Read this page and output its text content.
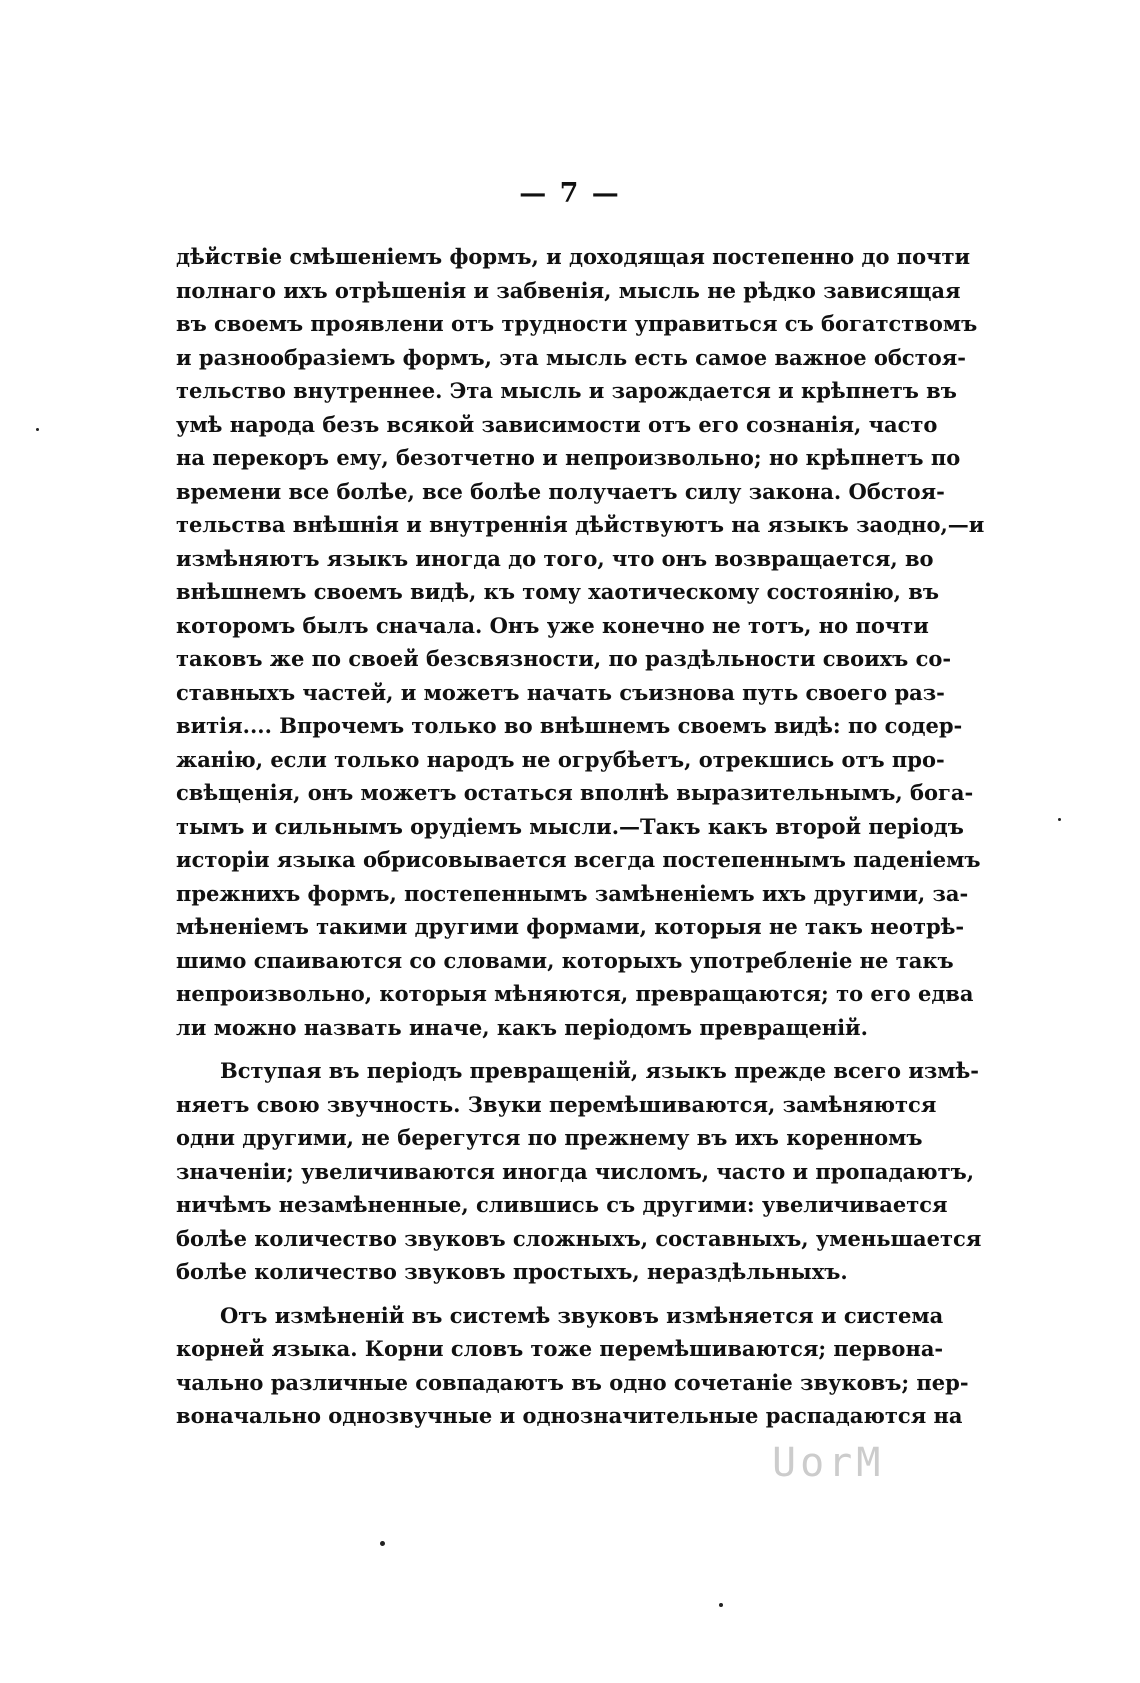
— 7 —
дѣйствіе смѣшеніемъ формъ, и доходящая постепенно до почти
полнаго ихъ отрѣшенія и забвенія, мысль не рѣдко зависящая
въ своемъ проявлени отъ трудности управиться съ богатствомъ
и разнообразіемъ формъ, эта мысль есть самое важное обстоя-
тельство внутреннее. Эта мысль и зарождается и крѣпнетъ въ
умѣ народа безъ всякой зависимости отъ его сознанія, часто
на перекоръ ему, безотчетно и непроизвольно; но крѣпнетъ по
времени все болѣе, все болѣе получаетъ силу закона. Обстоя-
тельства внѣшнія и внутреннія дѣйствуютъ на языкъ заодно,—и
измѣняютъ языкъ иногда до того, что онъ возвращается, во
внѣшнемъ своемъ видѣ, къ тому хаотическому состоянію, въ
которомъ былъ сначала. Онъ уже конечно не тотъ, но почти
таковъ же по своей безсвязности, по раздѣльности своихъ со-
ставныхъ частей, и можетъ начать съизнова путь своего раз-
витія.... Впрочемъ только во внѣшнемъ своемъ видѣ: по содер-
жанію, если только народъ не огрубѣетъ, отрекшись отъ про-
свѣщенія, онъ можетъ остаться вполнѣ выразительнымъ, бога-
тымъ и сильнымъ орудіемъ мысли.—Такъ какъ второй періодъ
исторіи языка обрисовывается всегда постепеннымъ паденіемъ
прежнихъ формъ, постепеннымъ замѣненіемъ ихъ другими, за-
мѣненіемъ такими другими формами, которыя не такъ неотрѣ-
шимо спаиваются со словами, которыхъ употребленіе не такъ
непроизвольно, которыя мѣняются, превращаются; то его едва
ли можно назвать иначе, какъ періодомъ превращеній.
Вступая въ періодъ превращеній, языкъ прежде всего измѣ-
няетъ свою звучность. Звуки перемѣшиваются, замѣняются
одни другими, не берегутся по прежнему въ ихъ коренномъ
значеніи; увеличиваются иногда числомъ, часто и пропадаютъ,
ничѣмъ незамѣненные, слившись съ другими: увеличивается
болѣе количество звуковъ сложныхъ, составныхъ, уменьшается
болѣе количество звуковъ простыхъ, нераздѣльныхъ.
Отъ измѣненій въ системѣ звуковъ измѣняется и система
корней языка. Корни словъ тоже перемѣшиваются; первона-
чально различные совпадаютъ въ одно сочетаніе звуковъ; пер-
воначально однозвучные и однозначительные распадаются на
UorM
